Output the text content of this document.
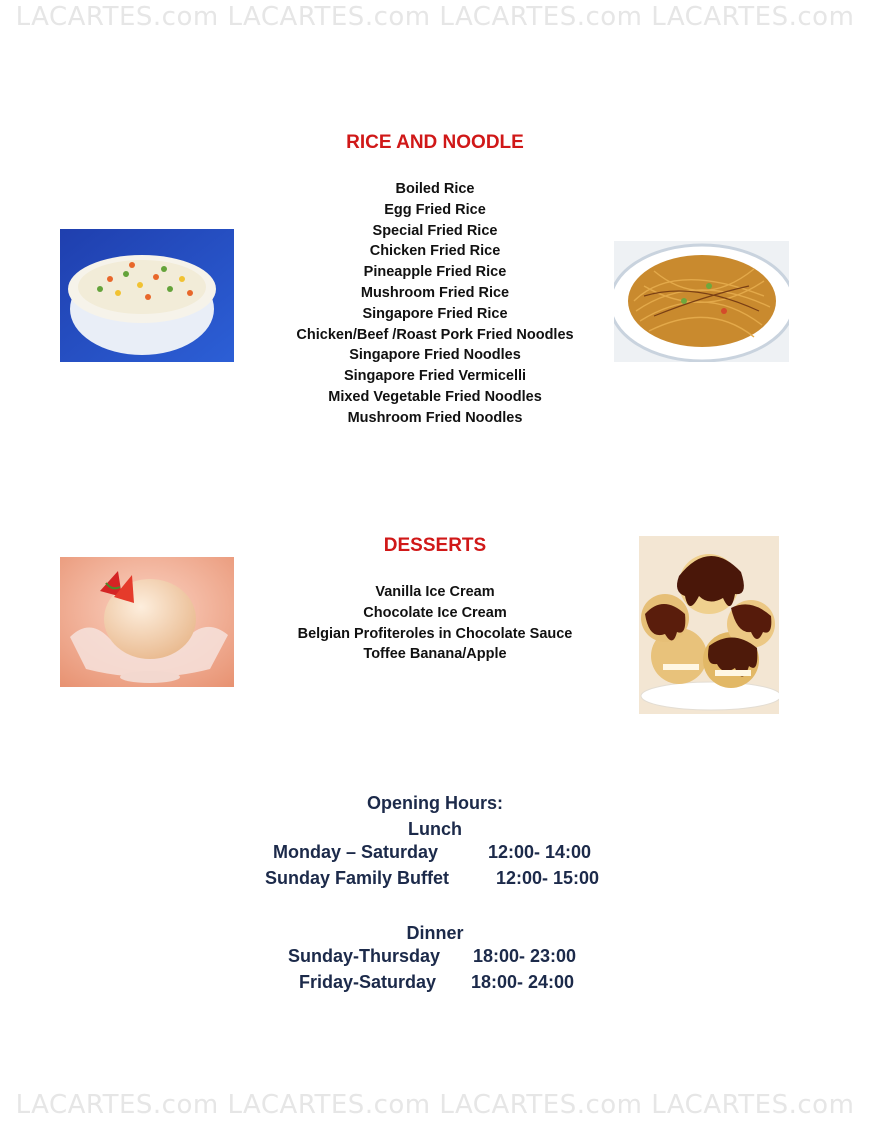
LACARTES.com LACARTES.com LACARTES.com LACARTES.com
LACARTES.com LACARTES.com LACARTES.com LACARTES.com
RICE AND NOODLE
Boiled Rice
Egg Fried Rice
Special Fried Rice
Chicken Fried Rice
Pineapple Fried Rice
Mushroom Fried Rice
Singapore Fried Rice
Chicken/Beef /Roast Pork Fried Noodles
Singapore Fried Noodles
Singapore Fried Vermicelli
Mixed Vegetable Fried Noodles
Mushroom Fried Noodles
DESSERTS
Vanilla Ice Cream
Chocolate Ice Cream
Belgian Profiteroles in Chocolate Sauce
Toffee Banana/Apple
Opening Hours:
Lunch
Monday – Saturday	12:00- 14:00
Sunday Family Buffet	12:00- 15:00
Dinner
Sunday-Thursday 18:00- 23:00
Friday-Saturday 18:00- 24:00
